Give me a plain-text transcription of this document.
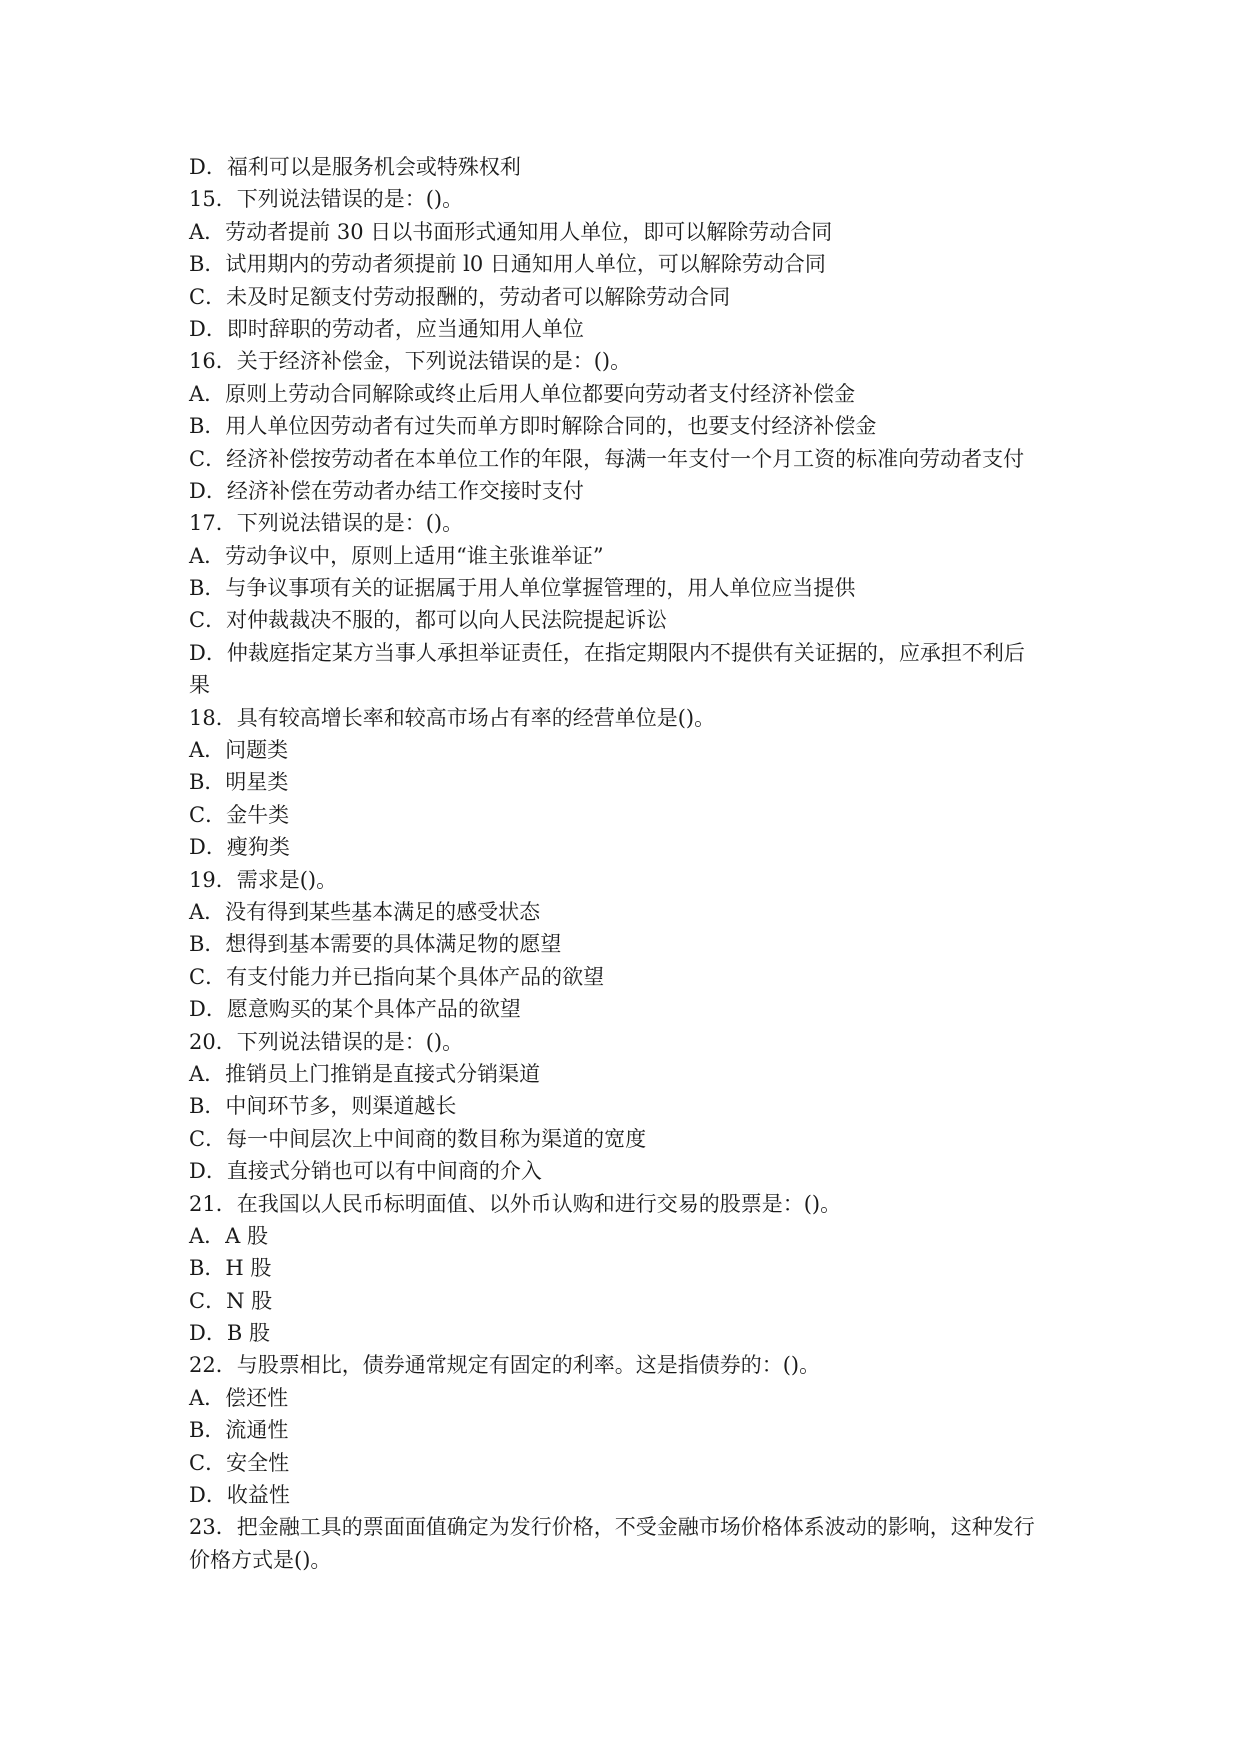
D．福利可以是服务机会或特殊权利
15．下列说法错误的是：()。
A．劳动者提前 30 日以书面形式通知用人单位，即可以解除劳动合同
B．试用期内的劳动者须提前 l0 日通知用人单位，可以解除劳动合同
C．未及时足额支付劳动报酬的，劳动者可以解除劳动合同
D．即时辞职的劳动者，应当通知用人单位
16．关于经济补偿金，下列说法错误的是：()。
A．原则上劳动合同解除或终止后用人单位都要向劳动者支付经济补偿金
B．用人单位因劳动者有过失而单方即时解除合同的，也要支付经济补偿金
C．经济补偿按劳动者在本单位工作的年限，每满一年支付一个月工资的标准向劳动者支付
D．经济补偿在劳动者办结工作交接时支付
17．下列说法错误的是：()。
A．劳动争议中，原则上适用“谁主张谁举证”
B．与争议事项有关的证据属于用人单位掌握管理的，用人单位应当提供
C．对仲裁裁决不服的，都可以向人民法院提起诉讼
D．仲裁庭指定某方当事人承担举证责任，在指定期限内不提供有关证据的，应承担不利后
果
18．具有较高增长率和较高市场占有率的经营单位是()。
A．问题类
B．明星类
C．金牛类
D．瘦狗类
19．需求是()。
A．没有得到某些基本满足的感受状态
B．想得到基本需要的具体满足物的愿望
C．有支付能力并已指向某个具体产品的欲望
D．愿意购买的某个具体产品的欲望
20．下列说法错误的是：()。
A．推销员上门推销是直接式分销渠道
B．中间环节多，则渠道越长
C．每一中间层次上中间商的数目称为渠道的宽度
D．直接式分销也可以有中间商的介入
21．在我国以人民币标明面值、以外币认购和进行交易的股票是：()。
A．A 股
B．H 股
C．N 股
D．B 股
22．与股票相比，债券通常规定有固定的利率。这是指债券的：()。
A．偿还性
B．流通性
C．安全性
D．收益性
23．把金融工具的票面面值确定为发行价格，不受金融市场价格体系波动的影响，这种发行
价格方式是()。
